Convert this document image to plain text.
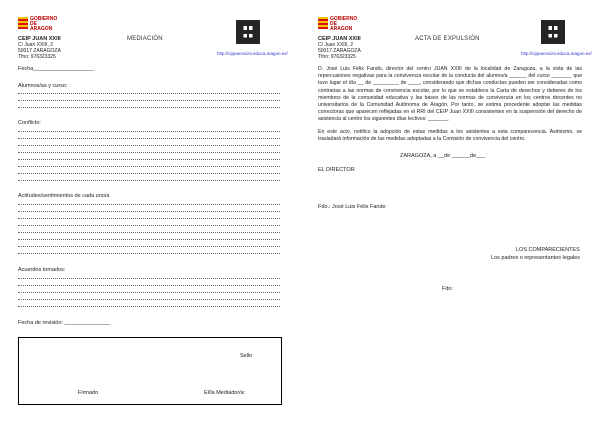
GOBIERNO DE ARAGON
CEIP JUAN XXIII
C/ Juan XXIII, 2
50017 ZARAGOZA
Tfno: 976323325
MEDIACIÓN
http://cpjuanxxiza.educa.aragon.es/
Fecha____________________
Alumnos/as y curso:
Conflicto:
Actitudes/sentimientos de cada uno/a
Acuerdos tomados:
Fecha de revisión: _______________
Sello
Firmado	El/la Mediador/a:
GOBIERNO DE ARAGON
CEIP JUAN XXIII
C/ Juan XXIII, 2
50017 ZARAGOZA
Tfno: 976323325
ACTA DE EXPULSIÓN
http://cpjuanxxiza.educa.aragon.es/
D. José Luis Félix Fando, director del centro JUAN XXIII de la localidad de Zaragoza, a la vista de las repercusiones negativas para la convivencia escolar de la conducta del alumno/a ______ del curso _______ que tuvo lugar el día __ de _________ de ____, considerando que dichas conductas pueden ser consideradas como contrarias a las normas de convivencia escolar, por lo que se establece la Carta de derechos y deberes de los miembros de la comunidad educativa y las bases de las normas de convivencia en los centros docentes no universitarios de la Comunidad Autónoma de Aragón. Por tanto, se estima procedente adoptar las medidas correctoras que aparecen reflejadas en el RRI del CEIP Juan XXIII consistentes en la suspensión del derecho de asistencia al centro los siguientes días lectivos: _______
En este acto, notifico la adopción de estas medidas a los asistentes a esta comparecencia. Asimismo, se trasladará información de las medidas adoptadas a la Comisión de convivencia del centro.
ZARAGOZA, a __de ______de___
EL DIRECTOR
Fdo.: José Luis Félix Fando
LOS COMPARECIENTES
Los padres o representantes legales
Fdo:
